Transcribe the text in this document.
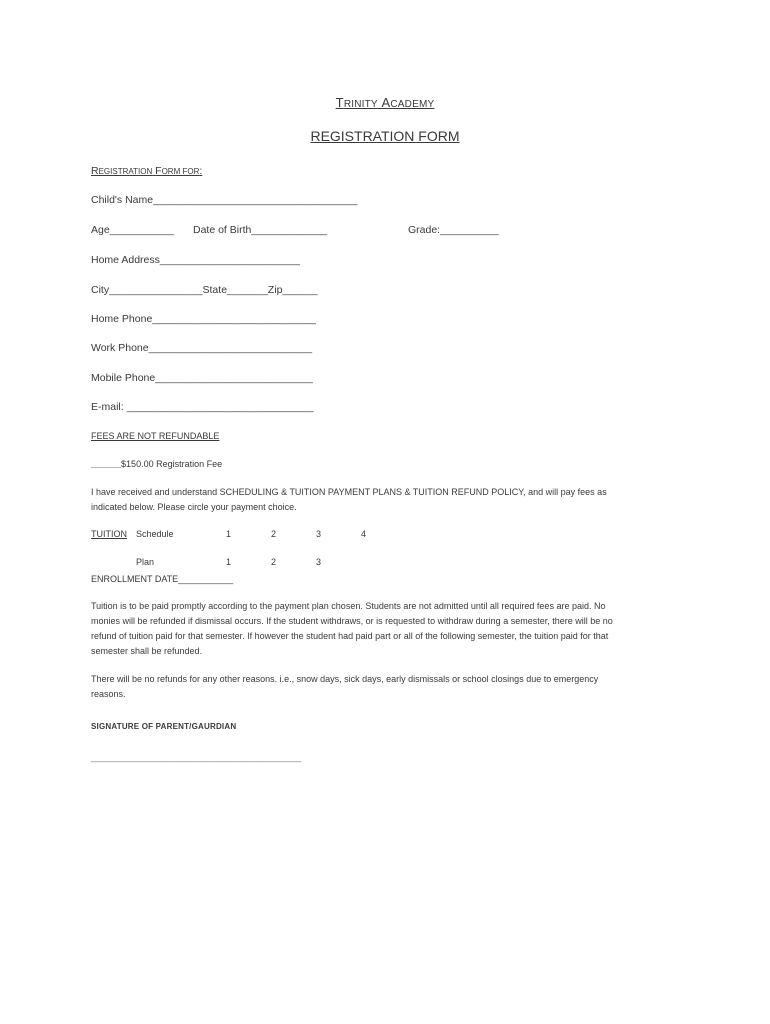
TRINITY ACADEMY
REGISTRATION FORM
REGISTRATION FORM FOR:
Child's Name___________________________________
Age___________ Date of Birth_____________	Grade:__________
Home Address________________________
City________________State_______Zip______
Home Phone____________________________
Work Phone____________________________
Mobile Phone___________________________
E-mail: ________________________________
FEES ARE NOT REFUNDABLE
______$150.00 Registration Fee
I have received and understand SCHEDULING & TUITION PAYMENT PLANS & TUITION REFUND POLICY, and will pay fees as
indicated below. Please circle your payment choice.
TUITION Schedule	1	2	3	4
Plan	1	2	3
ENROLLMENT DATE___________
Tuition is to be paid promptly according to the payment plan chosen. Students are not admitted until all required fees are paid. No
monies will be refunded if dismissal occurs. If the student withdraws, or is requested to withdraw during a semester, there will be no
refund of tuition paid for that semester. If however the student had paid part or all of the following semester, the tuition paid for that
semester shall be refunded.
There will be no refunds for any other reasons. i.e., snow days, sick days, early dismissals or school closings due to emergency
reasons.
SIGNATURE OF PARENT/GAURDIAN
__________________________________________
